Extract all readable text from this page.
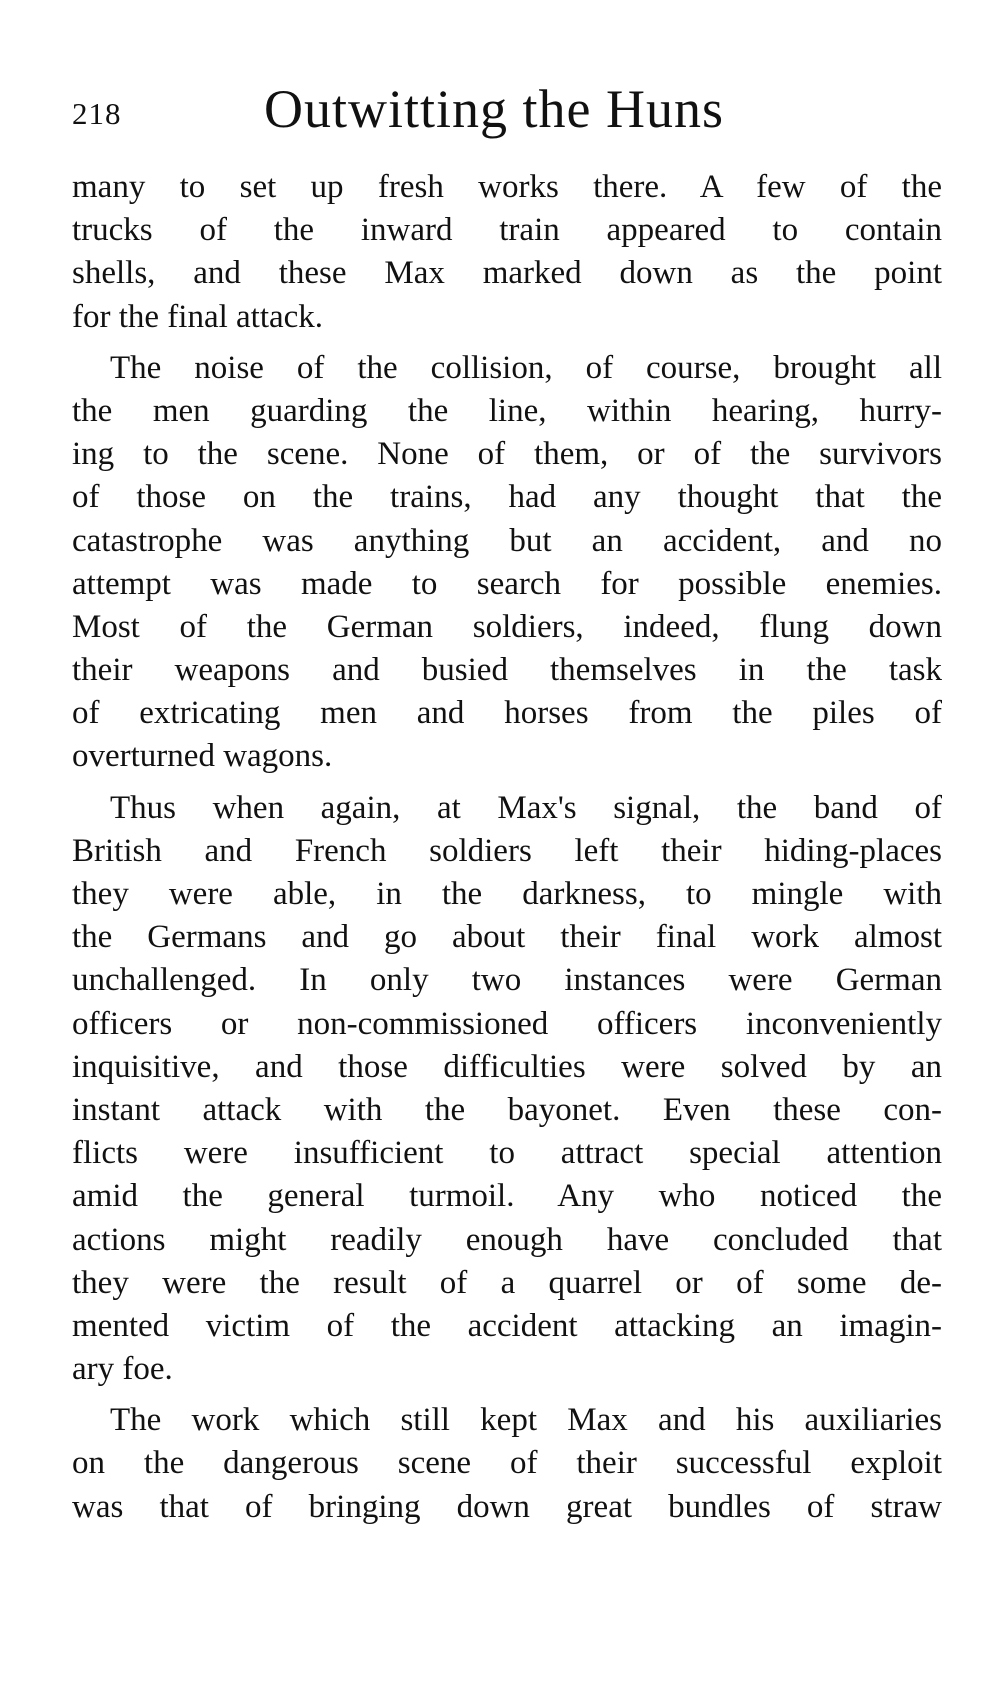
218	Outwitting the Huns
many to set up fresh works there. A few of the
trucks of the inward train appeared to contain
shells, and these Max marked down as the point
for the final attack.
The noise of the collision, of course, brought all
the men guarding the line, within hearing, hurry-
ing to the scene. None of them, or of the survivors
of those on the trains, had any thought that the
catastrophe was anything but an accident, and no
attempt was made to search for possible enemies.
Most of the German soldiers, indeed, flung down
their weapons and busied themselves in the task
of extricating men and horses from the piles of
overturned wagons.
Thus when again, at Max's signal, the band of
British and French soldiers left their hiding-places
they were able, in the darkness, to mingle with
the Germans and go about their final work almost
unchallenged. In only two instances were German
officers or non-commissioned officers inconveniently
inquisitive, and those difficulties were solved by an
instant attack with the bayonet. Even these con-
flicts were insufficient to attract special attention
amid the general turmoil. Any who noticed the
actions might readily enough have concluded that
they were the result of a quarrel or of some de-
mented victim of the accident attacking an imagin-
ary foe.
The work which still kept Max and his auxiliaries
on the dangerous scene of their successful exploit
was that of bringing down great bundles of straw
